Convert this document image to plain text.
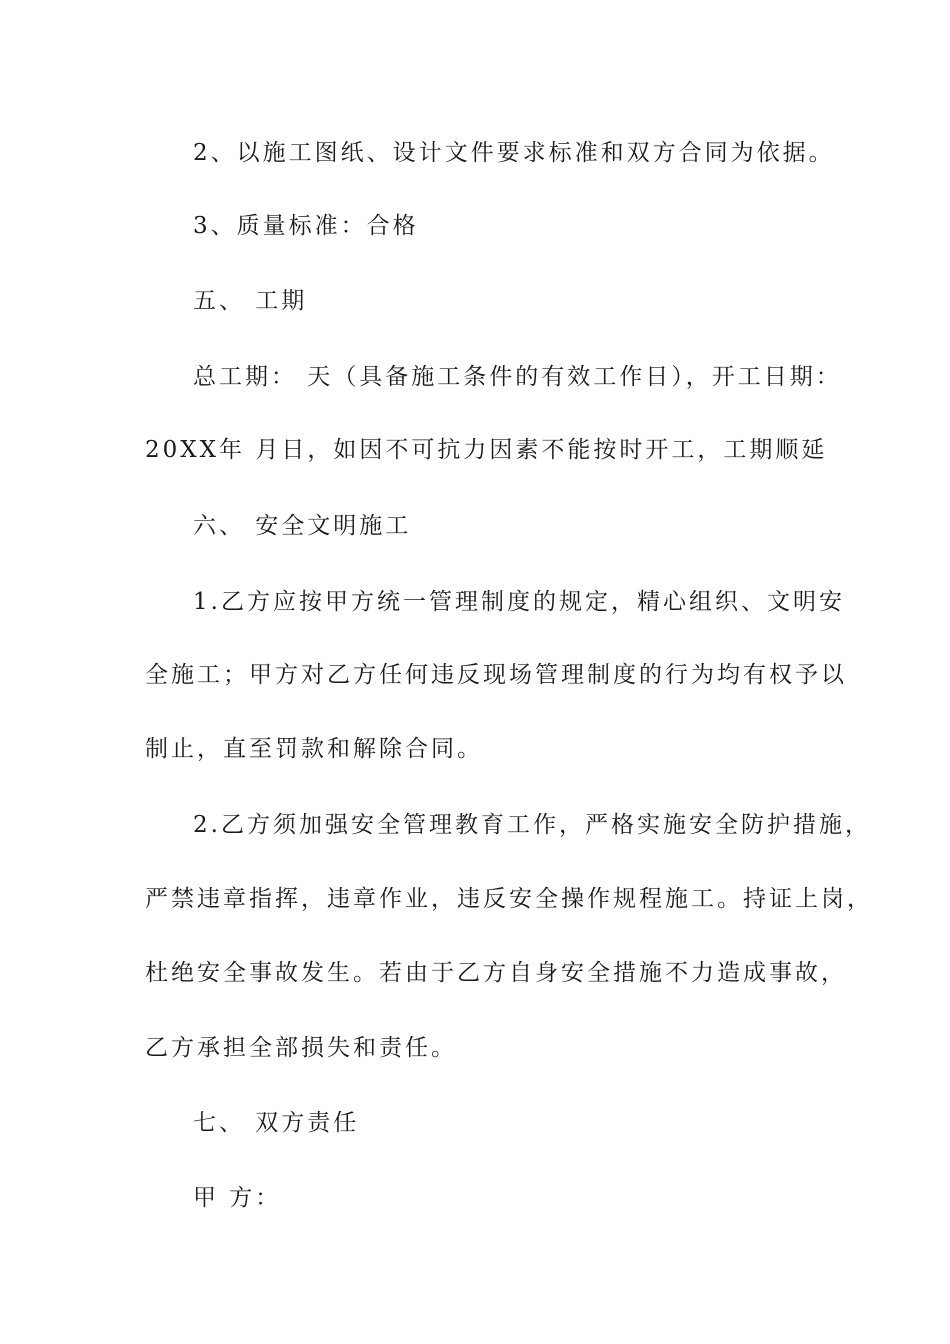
2、以施工图纸、设计文件要求标准和双方合同为依据。
3、质量标准：合格
五、 工期
总工期： 天（具备施工条件的有效工作日），开工日期：
20XX年 月日，如因不可抗力因素不能按时开工，工期顺延
六、 安全文明施工
1.乙方应按甲方统一管理制度的规定，精心组织、文明安
全施工；甲方对乙方任何违反现场管理制度的行为均有权予以
制止，直至罚款和解除合同。
2.乙方须加强安全管理教育工作，严格实施安全防护措施，
严禁违章指挥，违章作业，违反安全操作规程施工。持证上岗，
杜绝安全事故发生。若由于乙方自身安全措施不力造成事故，
乙方承担全部损失和责任。
七、 双方责任
甲 方：
